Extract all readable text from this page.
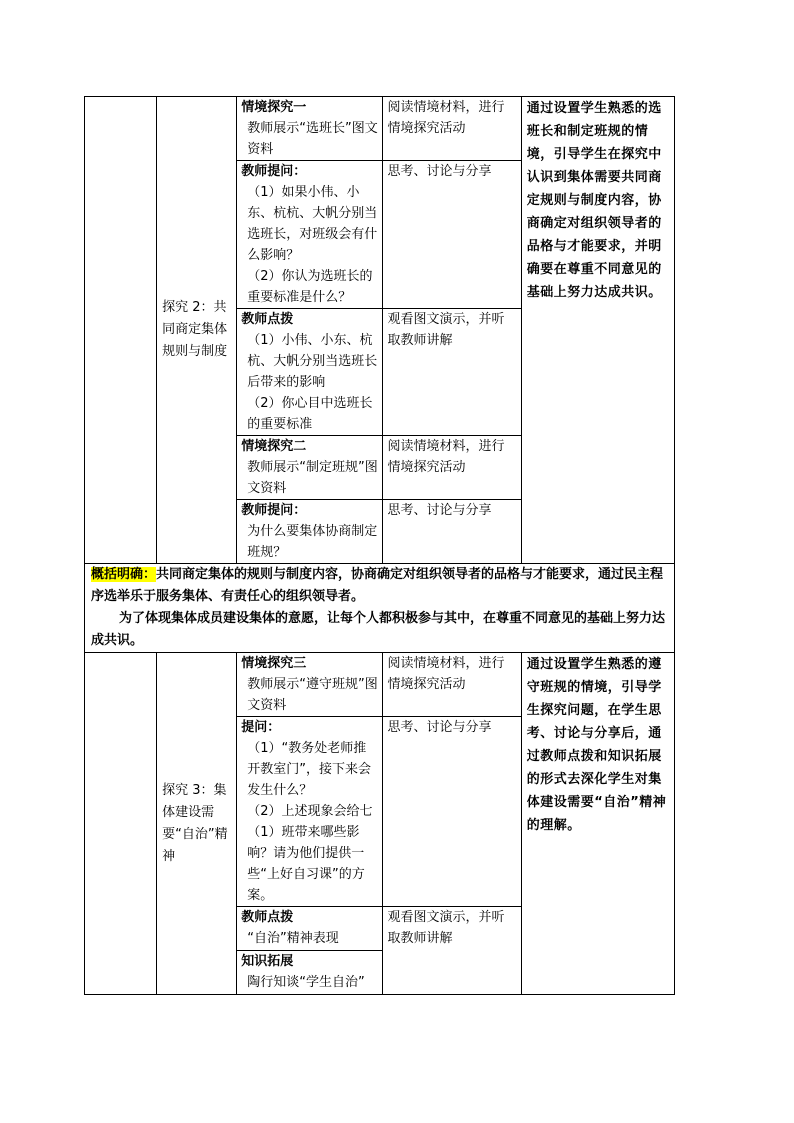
	探究 2：共同商定集体规则与制度	情境探究一
教师展示“选班长”图文资料	阅读情境材料，进行情境探究活动	通过设置学生熟悉的选班长和制定班规的情境，引导学生在探究中认识到集体需要共同商定规则与制度内容，协商确定对组织领导者的品格与才能要求，并明确要在尊重不同意见的基础上努力达成共识。

		教师提问：
（1）如果小伟、小东、杭杭、大帆分别当选班长，对班级会有什么影响？
（2）你认为选班长的重要标准是什么？	思考、讨论与分享	

		教师点拨
（1）小伟、小东、杭杭、大帆分别当选班长后带来的影响
（2）你心目中选班长的重要标准	观看图文演示，并听取教师讲解	

		情境探究二
教师展示“制定班规”图文资料	阅读情境材料，进行情境探究活动	

		教师提问：
为什么要集体协商制定班规？	思考、讨论与分享	

概括明确：共同商定集体的规则与制度内容，协商确定对组织领导者的品格与才能要求，通过民主程序选举乐于服务集体、有责任心的组织领导者。
为了体现集体成员建设集体的意愿，让每个人都积极参与其中，在尊重不同意见的基础上努力达成共识。				

	探究 3：集体建设需要“自治”精神	情境探究三
教师展示“遵守班规”图文资料	阅读情境材料，进行情境探究活动	通过设置学生熟悉的遵守班规的情境，引导学生探究问题，在学生思考、讨论与分享后，通过教师点拨和知识拓展的形式去深化学生对集体建设需要“自治”精神的理解。

		提问：
（1）“教务处老师推开教室门”，接下来会发生什么？
（2）上述现象会给七（1）班带来哪些影响？请为他们提供一些“上好自习课”的方案。	思考、讨论与分享	

		教师点拨
“自治”精神表现	观看图文演示，并听取教师讲解	

		知识拓展
陶行知谈“学生自治”		
